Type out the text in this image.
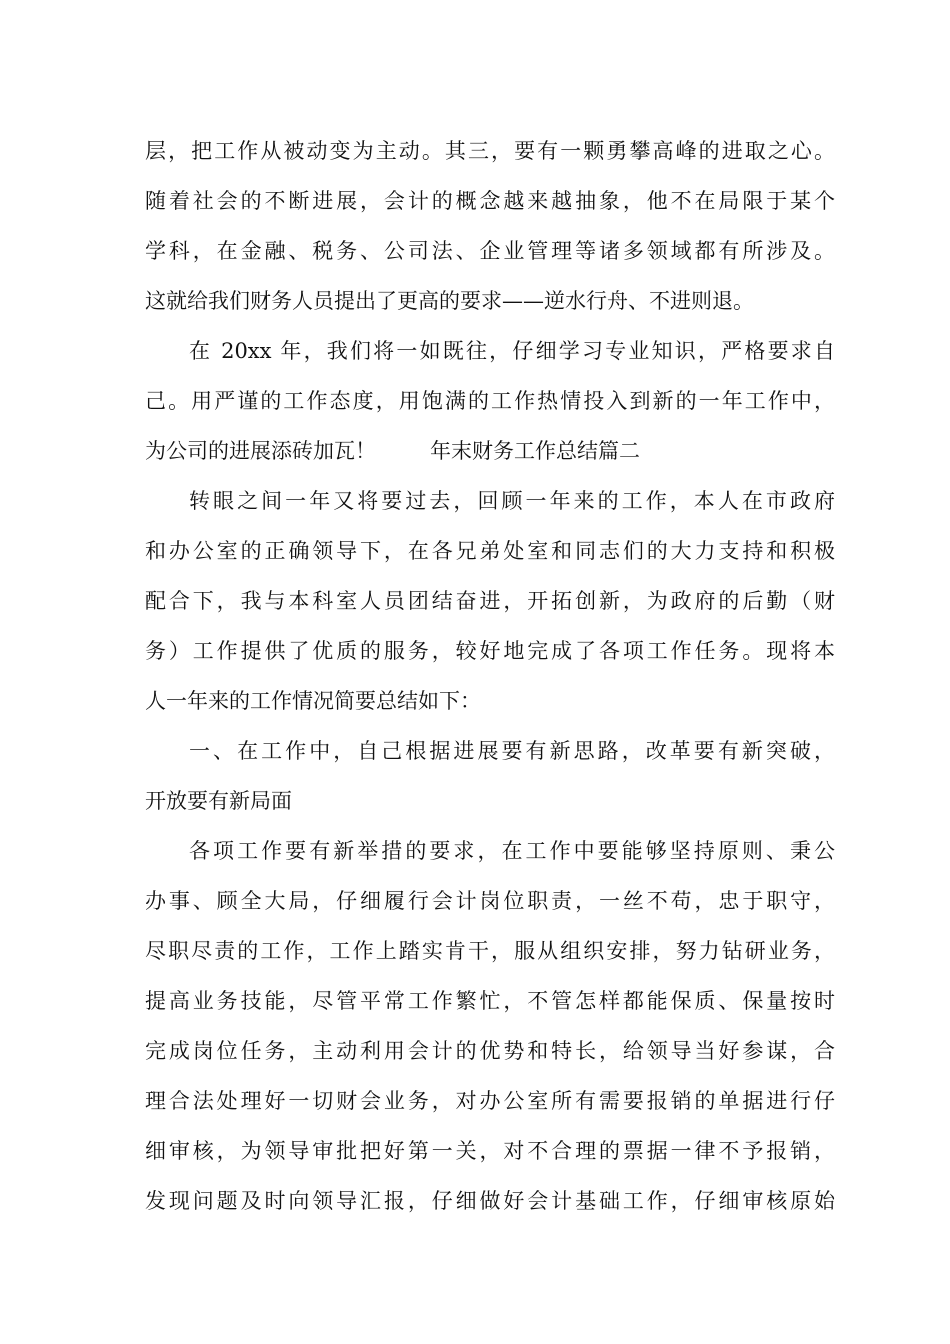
层，把工作从被动变为主动。其三，要有一颗勇攀高峰的进取之心。
随着社会的不断进展，会计的概念越来越抽象，他不在局限于某个
学科，在金融、税务、公司法、企业管理等诸多领域都有所涉及。
这就给我们财务人员提出了更高的要求——逆水行舟、不进则退。
在 20xx 年，我们将一如既往，仔细学习专业知识，严格要求自
己。用严谨的工作态度，用饱满的工作热情投入到新的一年工作中，
为公司的进展添砖加瓦！	年末财务工作总结篇二
转眼之间一年又将要过去，回顾一年来的工作，本人在市政府
和办公室的正确领导下，在各兄弟处室和同志们的大力支持和积极
配合下，我与本科室人员团结奋进，开拓创新，为政府的后勤（财
务）工作提供了优质的服务，较好地完成了各项工作任务。现将本
人一年来的工作情况简要总结如下：
一、在工作中，自己根据进展要有新思路，改革要有新突破，
开放要有新局面
各项工作要有新举措的要求，在工作中要能够坚持原则、秉公
办事、顾全大局，仔细履行会计岗位职责，一丝不苟，忠于职守，
尽职尽责的工作，工作上踏实肯干，服从组织安排，努力钻研业务，
提高业务技能，尽管平常工作繁忙，不管怎样都能保质、保量按时
完成岗位任务，主动利用会计的优势和特长，给领导当好参谋，合
理合法处理好一切财会业务，对办公室所有需要报销的单据进行仔
细审核，为领导审批把好第一关，对不合理的票据一律不予报销，
发现问题及时向领导汇报，仔细做好会计基础工作，仔细审核原始
